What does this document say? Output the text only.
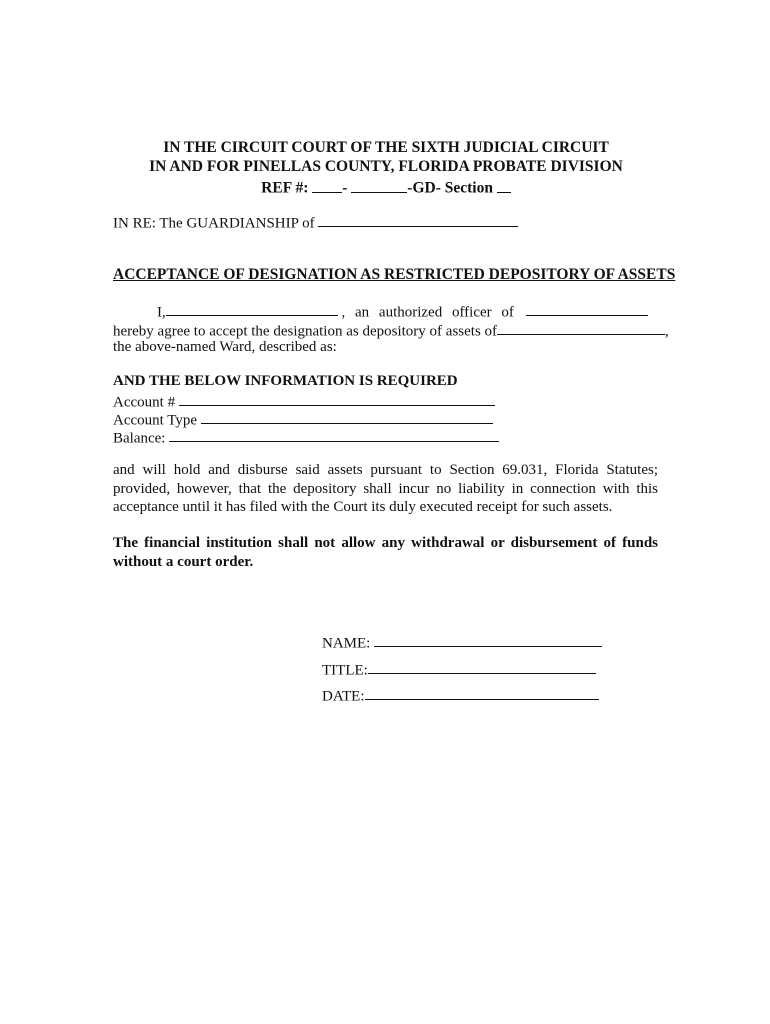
IN THE CIRCUIT COURT OF THE SIXTH JUDICIAL CIRCUIT
IN AND FOR PINELLAS COUNTY, FLORIDA PROBATE DIVISION
REF #: -	-GD- Section
IN RE: The GUARDIANSHIP of
ACCEPTANCE OF DESIGNATION AS RESTRICTED DEPOSITORY OF ASSETS
I,	, an authorized officer of
hereby agree to accept the designation as depository of assets of	,
the above-named Ward, described as:
AND THE BELOW INFORMATION IS REQUIRED
Account #
Account Type
Balance:
and will hold and disburse said assets pursuant to Section 69.031, Florida Statutes; provided, however, that the depository shall incur no liability in connection with this acceptance until it has filed with the Court its duly executed receipt for such assets.
The financial institution shall not allow any withdrawal or disbursement of funds without a court order.
NAME:
TITLE:
DATE:
